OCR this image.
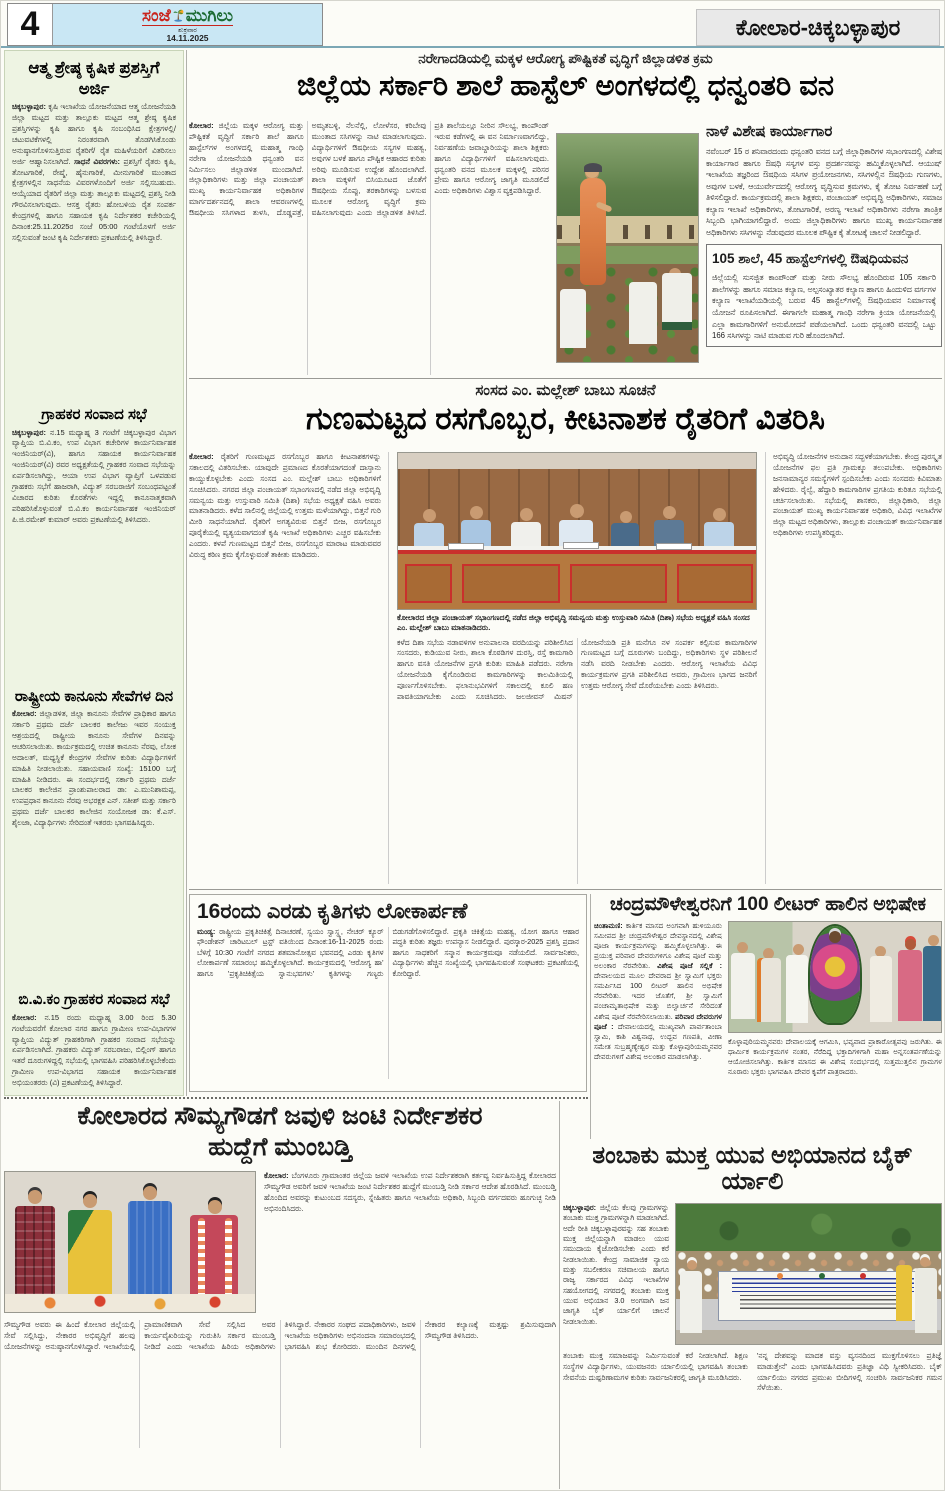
4	ಸಂಜೆ ಮುಗಿಲು
ಶುಕ್ರವಾರ
14.11.2025	ಕೋಲಾರ-ಚಿಕ್ಕಬಳ್ಳಾಪುರ
ಆತ್ಮ ಶ್ರೇಷ್ಠ ಕೃಷಿಕ ಪ್ರಶಸ್ತಿಗೆ ಅರ್ಜಿ
ಚಿಕ್ಕಬಳ್ಳಾಪುರ: ಕೃಷಿ ಇಲಾಖೆಯ ಯೋಜನೆಯಾದ ಆತ್ಮ ಯೋಜನೆಯಡಿ ಜಿಲ್ಲಾ ಮಟ್ಟದ ಮತ್ತು ತಾಲ್ಲೂಕು ಮಟ್ಟದ ಆತ್ಮ ಶ್ರೇಷ್ಠ ಕೃಷಿಕ ಪ್ರಶಸ್ತಿಗಳನ್ನು ಕೃಷಿ ಹಾಗೂ ಕೃಷಿ ಸಂಬಂಧಿಸಿದ ಕ್ಷೇತ್ರಗಳಲ್ಲಿ/ ಚಟುವಟಿಕೆಗಳಲ್ಲಿ ನಿರಂತರವಾಗಿ ತೊಡಗಿಸಿಕೊಂಡು ಅನುಷ್ಠಾನಗೊಳಿಸುತ್ತಿರುವ ರೈತರಿಗೆ/ ರೈತ ಮಹಿಳೆಯರಿಗೆ ವಿತರಿಸಲು ಅರ್ಜಿ ಆಹ್ವಾನಿಸಲಾಗಿದೆ. ಸಾಧನೆ ವಿವರಗಳು: ಪ್ರಶಸ್ತಿಗೆ ರೈತರು ಕೃಷಿ, ತೋಟಗಾರಿಕೆ, ರೇಷ್ಮೆ, ಹೈನುಗಾರಿಕೆ, ಮೀನುಗಾರಿಕೆ ಮುಂತಾದ ಕ್ಷೇತ್ರಗಳಲ್ಲಿನ ಸಾಧನೆಯ ವಿವರಗಳೊಂದಿಗೆ ಅರ್ಜಿ ಸಲ್ಲಿಸಬಹುದು. ಆಯ್ಕೆಯಾದ ರೈತರಿಗೆ ಜಿಲ್ಲಾ ಮತ್ತು ತಾಲ್ಲೂಕು ಮಟ್ಟದಲ್ಲಿ ಪ್ರಶಸ್ತಿ ನೀಡಿ ಗೌರವಿಸಲಾಗುವುದು. ಆಸಕ್ತ ರೈತರು ಹೋಬಳಿಯ ರೈತ ಸಂಪರ್ಕ ಕೇಂದ್ರಗಳಲ್ಲಿ ಹಾಗೂ ಸಹಾಯಕ ಕೃಷಿ ನಿರ್ದೇಶಕರ ಕಚೇರಿಯಲ್ಲಿ ದಿನಾಂಕ:25.11.2025ರ ಸಂಜೆ 05:00 ಗಂಟೆಯೊಳಗೆ ಅರ್ಜಿ ಸಲ್ಲಿಸುವಂತೆ ಜಂಟಿ ಕೃಷಿ ನಿರ್ದೇಶಕರು ಪ್ರಕಟಣೆಯಲ್ಲಿ ತಿಳಿಸಿದ್ದಾರೆ.
ಗ್ರಾಹಕರ ಸಂವಾದ ಸಭೆ
ಚಿಕ್ಕಬಳ್ಳಾಪುರ: ನ.15 ಮಧ್ಯಾಹ್ನ 3 ಗಂಟೆಗೆ ಚಿಕ್ಕಬಳ್ಳಾಪುರ ವಿಭಾಗ ವ್ಯಾಪ್ತಿಯ ಬಿ.ವಿ.ಕಂ, ಉಪ ವಿಭಾಗ ಕಚೇರಿಗಳ ಕಾರ್ಯನಿರ್ವಾಹಕ ಇಂಜಿನಿಯರ್(ವಿ), ಹಾಗೂ ಸಹಾಯಕ ಕಾರ್ಯನಿರ್ವಾಹಕ ಇಂಜಿನಿಯರ್(ವಿ) ರವರ ಅಧ್ಯಕ್ಷತೆಯಲ್ಲಿ ಗ್ರಾಹಕರ ಸಂವಾದ ಸಭೆಯನ್ನು ಏರ್ಪಡಿಸಲಾಗಿದ್ದು, ಆಯಾ ಉಪ ವಿಭಾಗ ವ್ಯಾಪ್ತಿಗೆ ಒಳಪಡುವ ಗ್ರಾಹಕರು ಸಭೆಗೆ ಹಾಜರಾಗಿ, ವಿದ್ಯುತ್ ಸರಬರಾಜಿಗೆ ಸಂಬಂಧಪಟ್ಟಂತೆ ವಿಚಾರದ ಕುರಿತು ಕೊರತೆಗಳು ಇದ್ದಲ್ಲಿ ಕಾನೂನಾತ್ಮಕವಾಗಿ ಪರಿಹರಿಸಿಕೊಳ್ಳುವಂತೆ ಬಿ.ವಿ.ಕಂ ಕಾರ್ಯನಿರ್ವಾಹಕ ಇಂಜಿನಿಯರ್ ಪಿ.ಜಿ.ರಮೇಶ್ ಕುಮಾರ್ ಅವರು ಪ್ರಕಟಣೆಯಲ್ಲಿ ತಿಳಿಸಿದರು.
ರಾಷ್ಟ್ರೀಯ ಕಾನೂನು ಸೇವೆಗಳ ದಿನ
ಕೋಲಾರ: ಜಿಲ್ಲಾಡಳಿತ, ಜಿಲ್ಲಾ ಕಾನೂನು ಸೇವೆಗಳ ಪ್ರಾಧಿಕಾರ ಹಾಗೂ ಸರ್ಕಾರಿ ಪ್ರಥಮ ದರ್ಜೆ ಬಾಲಕರ ಕಾಲೇಜು ಇವರ ಸಂಯುಕ್ತ ಆಶ್ರಯದಲ್ಲಿ ರಾಷ್ಟ್ರೀಯ ಕಾನೂನು ಸೇವೆಗಳ ದಿನವನ್ನು ಆಚರಿಸಲಾಯಿತು. ಕಾರ್ಯಕ್ರಮದಲ್ಲಿ ಉಚಿತ ಕಾನೂನು ನೆರವು, ಲೋಕ ಅದಾಲತ್, ಮಧ್ಯಸ್ಥಿಕೆ ಕೇಂದ್ರಗಳ ಸೇವೆಗಳ ಕುರಿತು ವಿದ್ಯಾರ್ಥಿಗಳಿಗೆ ಮಾಹಿತಿ ನೀಡಲಾಯಿತು. ಸಹಾಯವಾಣಿ ಸಂಖ್ಯೆ: 15100 ಬಗ್ಗೆ ಮಾಹಿತಿ ನೀಡಿದರು. ಈ ಸಂದರ್ಭದಲ್ಲಿ ಸರ್ಕಾರಿ ಪ್ರಥಮ ದರ್ಜೆ ಬಾಲಕರ ಕಾಲೇಜಿನ ಪ್ರಾಂಶುಪಾಲರಾದ ಡಾ: ಎ.ಮುನಿಶಾಮಪ್ಪ, ಉಪಪ್ರಧಾನ ಕಾನೂನು ನೆರವು ಅಭರಕ್ಷಕ ಎನ್. ಸತೀಶ್ ಮತ್ತು ಸರ್ಕಾರಿ ಪ್ರಥಮ ದರ್ಜೆ ಬಾಲಕರ ಕಾಲೇಜಿನ ಸಂಯೋಜಕ ಡಾ: ಕೆ.ಎಸ್. ಶೈಲಜಾ, ವಿದ್ಯಾರ್ಥಿಗಳು ಸೇರಿದಂತೆ ಇತರರು ಭಾಗವಹಿಸಿದ್ದರು.
ಬಿ.ವಿ.ಕಂ ಗ್ರಾಹಕರ ಸಂವಾದ ಸಭೆ
ಕೋಲಾರ: ನ.15 ರಂದು ಮಧ್ಯಾಹ್ನ 3.00 ರಿಂದ 5.30 ಗಂಟೆಯವರೆಗೆ ಕೋಲಾರ ನಗರ ಹಾಗೂ ಗ್ರಾಮೀಣ ಉಪ-ವಿಭಾಗಗಳ ವ್ಯಾಪ್ತಿಯ ವಿದ್ಯುತ್ ಗ್ರಾಹಕರಿಗಾಗಿ ಗ್ರಾಹಕರ ಸಂವಾದ ಸಭೆಯನ್ನು ಏರ್ಪಡಿಸಲಾಗಿದೆ. ಗ್ರಾಹಕರು ವಿದ್ಯುತ್ ಸರಬರಾಜು, ಬಿಲ್ಲಿಂಗ್ ಹಾಗೂ ಇತರೆ ದೂರುಗಳಿದ್ದಲ್ಲಿ ಸಭೆಯಲ್ಲಿ ಭಾಗವಹಿಸಿ ಪರಿಹರಿಸಿಕೊಳ್ಳಬೇಕೆಂದು ಗ್ರಾಮೀಣ ಉಪ-ವಿಭಾಗದ ಸಹಾಯಕ ಕಾರ್ಯನಿರ್ವಾಹಕ ಅಭಿಯಂತರರು (ವಿ) ಪ್ರಕಟಣೆಯಲ್ಲಿ ತಿಳಿಸಿದ್ದಾರೆ.
ನರೇಗಾದಡಿಯಲ್ಲಿ ಮಕ್ಕಳ ಆರೋಗ್ಯ ಪೌಷ್ಟಿಕತೆ ವೃದ್ಧಿಗೆ ಜಿಲ್ಲಾಡಳಿತ ಕ್ರಮ
ಜಿಲ್ಲೆಯ ಸರ್ಕಾರಿ ಶಾಲೆ ಹಾಸ್ಟೆಲ್ ಅಂಗಳದಲ್ಲಿ ಧನ್ವಂತರಿ ವನ
ಕೋಲಾರ: ಜಿಲ್ಲೆಯ ಮಕ್ಕಳ ಆರೋಗ್ಯ ಮತ್ತು ಪೌಷ್ಟಿಕತೆ ವೃದ್ಧಿಗೆ ಸರ್ಕಾರಿ ಶಾಲೆ ಹಾಗೂ ಹಾಸ್ಟೆಲ್‌ಗಳ ಅಂಗಳದಲ್ಲಿ ಮಹಾತ್ಮ ಗಾಂಧಿ ನರೇಗಾ ಯೋಜನೆಯಡಿ ಧನ್ವಂತರಿ ವನ ನಿರ್ಮಿಸಲು ಜಿಲ್ಲಾಡಳಿತ ಮುಂದಾಗಿದೆ. ಜಿಲ್ಲಾಧಿಕಾರಿಗಳು ಮತ್ತು ಜಿಲ್ಲಾ ಪಂಚಾಯತ್ ಮುಖ್ಯ ಕಾರ್ಯನಿರ್ವಾಹಕ ಅಧಿಕಾರಿಗಳ ಮಾರ್ಗದರ್ಶನದಲ್ಲಿ ಶಾಲಾ ಆವರಣಗಳಲ್ಲಿ ಔಷಧೀಯ ಸಸಿಗಳಾದ ತುಳಸಿ, ದೊಡ್ಡಪತ್ರೆ, ಅಮೃತಬಳ್ಳಿ, ನೆಲನೆಲ್ಲಿ, ಲೋಳೆಸರ, ಕರಿಬೇವು ಮುಂತಾದ ಸಸಿಗಳನ್ನು ನಾಟಿ ಮಾಡಲಾಗುವುದು. ವಿದ್ಯಾರ್ಥಿಗಳಿಗೆ ಔಷಧೀಯ ಸಸ್ಯಗಳ ಮಹತ್ವ, ಅವುಗಳ ಬಳಕೆ ಹಾಗೂ ಪೌಷ್ಟಿಕ ಆಹಾರದ ಕುರಿತು ಅರಿವು ಮೂಡಿಸುವ ಉದ್ದೇಶ ಹೊಂದಲಾಗಿದೆ. ಶಾಲಾ ಮಕ್ಕಳಿಗೆ ಬಿಸಿಯೂಟದ ಜೊತೆಗೆ ಔಷಧೀಯ ಸೊಪ್ಪು, ತರಕಾರಿಗಳನ್ನು ಬಳಸುವ ಮೂಲಕ ಆರೋಗ್ಯ ವೃದ್ಧಿಗೆ ಕ್ರಮ ವಹಿಸಲಾಗುವುದು ಎಂದು ಜಿಲ್ಲಾಡಳಿತ ತಿಳಿಸಿದೆ. ಪ್ರತಿ ಶಾಲೆಯಲ್ಲೂ ನೀರಿನ ಸೌಲಭ್ಯ, ಕಾಂಪೌಂಡ್ ಇರುವ ಕಡೆಗಳಲ್ಲಿ ಈ ವನ ನಿರ್ಮಾಣವಾಗಲಿದ್ದು, ನಿರ್ವಹಣೆಯ ಜವಾಬ್ದಾರಿಯನ್ನು ಶಾಲಾ ಶಿಕ್ಷಕರು ಹಾಗೂ ವಿದ್ಯಾರ್ಥಿಗಳಿಗೆ ವಹಿಸಲಾಗುವುದು. ಧನ್ವಂತರಿ ವನದ ಮೂಲಕ ಮಕ್ಕಳಲ್ಲಿ ಪರಿಸರ ಪ್ರೇಮ ಹಾಗೂ ಆರೋಗ್ಯ ಜಾಗೃತಿ ಮೂಡಲಿದೆ ಎಂದು ಅಧಿಕಾರಿಗಳು ವಿಶ್ವಾಸ ವ್ಯಕ್ತಪಡಿಸಿದ್ದಾರೆ.
ನಾಳೆ ವಿಶೇಷ ಕಾರ್ಯಾಗಾರ
ನವೆಂಬರ್ 15 ರ ಶನಿವಾರದಂದು ಧನ್ವಂತರಿ ವನದ ಬಗ್ಗೆ ಜಿಲ್ಲಾಧಿಕಾರಿಗಳ ಸಭಾಂಗಣದಲ್ಲಿ ವಿಶೇಷ ಕಾರ್ಯಾಗಾರ ಹಾಗೂ ಔಷಧಿ ಸಸ್ಯಗಳ ವಸ್ತು ಪ್ರದರ್ಶನವನ್ನು ಹಮ್ಮಿಕೊಳ್ಳಲಾಗಿದೆ. ಆಯುಷ್ ಇಲಾಖೆಯ ತಜ್ಞರಿಂದ ಔಷಧಿಯ ಸಸಿಗಳ ಪ್ರಯೋಜನಗಳು, ಸಸಿಗಳಲ್ಲಿನ ಔಷಧಿಯ ಗುಣಗಳು, ಅವುಗಳ ಬಳಕೆ, ಆಯುರ್ವೇದದಲ್ಲಿ ಆರೋಗ್ಯ ವೃದ್ಧಿಸುವ ಕ್ರಮಗಳು, ಕೈ ತೋಟ ನಿರ್ವಹಣೆ ಬಗ್ಗೆ ತಿಳಿಸಲಿದ್ದಾರೆ. ಕಾರ್ಯಕ್ರಮದಲ್ಲಿ ಶಾಲಾ ಶಿಕ್ಷಕರು, ಪಂಚಾಯತ್ ಅಭಿವೃದ್ಧಿ ಅಧಿಕಾರಿಗಳು, ಸಮಾಜ ಕಲ್ಯಾಣ ಇಲಾಖೆ ಅಧಿಕಾರಿಗಳು, ತೋಟಗಾರಿಕೆ, ಅರಣ್ಯ ಇಲಾಖೆ ಅಧಿಕಾರಿಗಳು ನರೇಗಾ ತಾಂತ್ರಿಕ ಸಿಬ್ಬಂದಿ ಭಾಗಿಯಾಗಲಿದ್ದಾರೆ. ಅಂದು ಜಿಲ್ಲಾಧಿಕಾರಿಗಳು ಹಾಗೂ ಮುಖ್ಯ ಕಾರ್ಯನಿರ್ವಾಹಕ ಅಧಿಕಾರಿಗಳು ಸಸಿಗಳನ್ನು ನೆಡುವುದರ ಮೂಲಕ ಪೌಷ್ಟಿಕ ಕೈ ತೋಟಕ್ಕೆ ಚಾಲನೆ ನೀಡಲಿದ್ದಾರೆ.
105 ಶಾಲೆ, 45 ಹಾಸ್ಟೆಲ್‌ಗಳಲ್ಲಿ ಔಷಧಿಯವನ
ಜಿಲ್ಲೆಯಲ್ಲಿ ಸುಸಜ್ಜಿತ ಕಾಂಪೌಂಡ್ ಮತ್ತು ನೀರು ಸೌಲಭ್ಯ ಹೊಂದಿರುವ 105 ಸರ್ಕಾರಿ ಶಾಲೆಗಳನ್ನು ಹಾಗೂ ಸಮಾಜ ಕಲ್ಯಾಣ, ಅಲ್ಪಸಂಖ್ಯಾತರ ಕಲ್ಯಾಣ ಹಾಗೂ ಹಿಂದುಳಿದ ವರ್ಗಗಳ ಕಲ್ಯಾಣ ಇಲಾಖೆಯಡಿಯಲ್ಲಿ ಬರುವ 45 ಹಾಸ್ಟೆಲ್‌ಗಳಲ್ಲಿ ಔಷಧಿಯವನ ನಿರ್ಮಾಣಕ್ಕೆ ಯೋಜನೆ ರೂಪಿಸಲಾಗಿದೆ. ಈಗಾಗಲೇ ಮಹಾತ್ಮ ಗಾಂಧಿ ನರೇಗಾ ಕ್ರಿಯಾ ಯೋಜನೆಯಲ್ಲಿ ಎಲ್ಲಾ ಕಾಮಗಾರಿಗಳಿಗೆ ಅನುಮೋದನೆ ಪಡೆಯಲಾಗಿದೆ. ಒಂದು ಧನ್ವಂತರಿ ವನದಲ್ಲಿ ಒಟ್ಟು 166 ಸಸಿಗಳನ್ನು ನಾಟಿ ಮಾಡುವ ಗುರಿ ಹೊಂದಲಾಗಿದೆ.
ಸಂಸದ ಎಂ. ಮಲ್ಲೇಶ್ ಬಾಬು ಸೂಚನೆ
ಗುಣಮಟ್ಟದ ರಸಗೊಬ್ಬರ, ಕೀಟನಾಶಕ ರೈತರಿಗೆ ವಿತರಿಸಿ
ಕೋಲಾರ: ರೈತರಿಗೆ ಗುಣಮಟ್ಟದ ರಸಗೊಬ್ಬರ ಹಾಗೂ ಕೀಟನಾಶಕಗಳನ್ನು ಸಕಾಲದಲ್ಲಿ ವಿತರಿಸಬೇಕು. ಯಾವುದೇ ಪ್ರಮಾಣದ ಕೊರತೆಯಾಗದಂತೆ ದಾಸ್ತಾನು ಕಾಯ್ದುಕೊಳ್ಳಬೇಕು ಎಂದು ಸಂಸದ ಎಂ. ಮಲ್ಲೇಶ್ ಬಾಬು ಅಧಿಕಾರಿಗಳಿಗೆ ಸೂಚಿಸಿದರು. ನಗರದ ಜಿಲ್ಲಾ ಪಂಚಾಯತ್ ಸಭಾಂಗಣದಲ್ಲಿ ನಡೆದ ಜಿಲ್ಲಾ ಅಭಿವೃದ್ಧಿ ಸಮನ್ವಯ ಮತ್ತು ಉಸ್ತುವಾರಿ ಸಮಿತಿ (ದಿಶಾ) ಸಭೆಯ ಅಧ್ಯಕ್ಷತೆ ವಹಿಸಿ ಅವರು ಮಾತನಾಡಿದರು. ಕಳೆದ ಸಾಲಿನಲ್ಲಿ ಜಿಲ್ಲೆಯಲ್ಲಿ ಉತ್ತಮ ಮಳೆಯಾಗಿದ್ದು, ಬಿತ್ತನೆ ಗುರಿ ಮೀರಿ ಸಾಧನೆಯಾಗಿದೆ. ರೈತರಿಗೆ ಅಗತ್ಯವಿರುವ ಬಿತ್ತನೆ ಬೀಜ, ರಸಗೊಬ್ಬರ ಪೂರೈಕೆಯಲ್ಲಿ ವ್ಯತ್ಯಯವಾಗದಂತೆ ಕೃಷಿ ಇಲಾಖೆ ಅಧಿಕಾರಿಗಳು ಎಚ್ಚರ ವಹಿಸಬೇಕು ಎಂದರು. ಕಳಪೆ ಗುಣಮಟ್ಟದ ಬಿತ್ತನೆ ಬೀಜ, ರಸಗೊಬ್ಬರ ಮಾರಾಟ ಮಾಡುವವರ ವಿರುದ್ಧ ಕಠಿಣ ಕ್ರಮ ಕೈಗೊಳ್ಳುವಂತೆ ತಾಕೀತು ಮಾಡಿದರು.
ಕೋಲಾರದ ಜಿಲ್ಲಾ ಪಂಚಾಯತ್ ಸಭಾಂಗಣದಲ್ಲಿ ನಡೆದ ಜಿಲ್ಲಾ ಅಭಿವೃದ್ಧಿ ಸಮನ್ವಯ ಮತ್ತು ಉಸ್ತುವಾರಿ ಸಮಿತಿ (ದಿಶಾ) ಸಭೆಯ ಅಧ್ಯಕ್ಷತೆ ವಹಿಸಿ ಸಂಸದ ಎಂ. ಮಲ್ಲೇಶ್ ಬಾಬು ಮಾತನಾಡಿದರು.
ಕಳೆದ ದಿಶಾ ಸಭೆಯ ನಡಾವಳಿಗಳ ಅನುಪಾಲನಾ ವರದಿಯನ್ನು ಪರಿಶೀಲಿಸಿದ ಸಂಸದರು, ಕುಡಿಯುವ ನೀರು, ಶಾಲಾ ಕೊಠಡಿಗಳ ದುರಸ್ತಿ, ರಸ್ತೆ ಕಾಮಗಾರಿ ಹಾಗೂ ವಸತಿ ಯೋಜನೆಗಳ ಪ್ರಗತಿ ಕುರಿತು ಮಾಹಿತಿ ಪಡೆದರು. ನರೇಗಾ ಯೋಜನೆಯಡಿ ಕೈಗೊಂಡಿರುವ ಕಾಮಗಾರಿಗಳನ್ನು ಕಾಲಮಿತಿಯಲ್ಲಿ ಪೂರ್ಣಗೊಳಿಸಬೇಕು. ಫಲಾನುಭವಿಗಳಿಗೆ ಸಕಾಲದಲ್ಲಿ ಕೂಲಿ ಹಣ ಪಾವತಿಯಾಗಬೇಕು ಎಂದು ಸೂಚಿಸಿದರು. ಜಲಜೀವನ್ ಮಿಷನ್ ಯೋಜನೆಯಡಿ ಪ್ರತಿ ಮನೆಗೂ ನಳ ಸಂಪರ್ಕ ಕಲ್ಪಿಸುವ ಕಾಮಗಾರಿಗಳ ಗುಣಮಟ್ಟದ ಬಗ್ಗೆ ದೂರುಗಳು ಬಂದಿದ್ದು, ಅಧಿಕಾರಿಗಳು ಸ್ಥಳ ಪರಿಶೀಲನೆ ನಡೆಸಿ ವರದಿ ನೀಡಬೇಕು ಎಂದರು. ಆರೋಗ್ಯ ಇಲಾಖೆಯ ವಿವಿಧ ಕಾರ್ಯಕ್ರಮಗಳ ಪ್ರಗತಿ ಪರಿಶೀಲಿಸಿದ ಅವರು, ಗ್ರಾಮೀಣ ಭಾಗದ ಜನರಿಗೆ ಉತ್ತಮ ಆರೋಗ್ಯ ಸೇವೆ ದೊರೆಯಬೇಕು ಎಂದು ತಿಳಿಸಿದರು.
ಅಭಿವೃದ್ಧಿ ಯೋಜನೆಗಳ ಅನುದಾನ ಸದ್ಬಳಕೆಯಾಗಬೇಕು. ಕೇಂದ್ರ ಪುರಸ್ಕೃತ ಯೋಜನೆಗಳ ಫಲ ಪ್ರತಿ ಗ್ರಾಮಕ್ಕೂ ತಲುಪಬೇಕು. ಅಧಿಕಾರಿಗಳು ಜನಸಾಮಾನ್ಯರ ಸಮಸ್ಯೆಗಳಿಗೆ ಸ್ಪಂದಿಸಬೇಕು ಎಂದು ಸಂಸದರು ಕಿವಿಮಾತು ಹೇಳಿದರು. ರೈಲ್ವೆ, ಹೆದ್ದಾರಿ ಕಾಮಗಾರಿಗಳ ಪ್ರಗತಿಯ ಕುರಿತೂ ಸಭೆಯಲ್ಲಿ ಚರ್ಚಿಸಲಾಯಿತು. ಸಭೆಯಲ್ಲಿ ಶಾಸಕರು, ಜಿಲ್ಲಾಧಿಕಾರಿ, ಜಿಲ್ಲಾ ಪಂಚಾಯತ್ ಮುಖ್ಯ ಕಾರ್ಯನಿರ್ವಾಹಕ ಅಧಿಕಾರಿ, ವಿವಿಧ ಇಲಾಖೆಗಳ ಜಿಲ್ಲಾ ಮಟ್ಟದ ಅಧಿಕಾರಿಗಳು, ತಾಲ್ಲೂಕು ಪಂಚಾಯತ್ ಕಾರ್ಯನಿರ್ವಾಹಕ ಅಧಿಕಾರಿಗಳು ಉಪಸ್ಥಿತರಿದ್ದರು.
16ರಂದು ಎರಡು ಕೃತಿಗಳು ಲೋಕಾರ್ಪಣೆ
ಮಂಡ್ಯ: ರಾಷ್ಟ್ರೀಯ ಪ್ರಕೃತಿಚಿಕಿತ್ಸೆ ದಿನಾಚರಣೆ, ಸ್ವಯಂ ಸ್ವಾಸ್ಥ್ಯ, ನೇಚರ್ ಕ್ಯೂರ್ ಫೌಂಡೇಶನ್ ಚಾರಿಟಬಲ್ ಟ್ರಸ್ಟ್ ವತಿಯಿಂದ ದಿನಾಂಕ:16-11-2025 ರಂದು ಬೆಳಿಗ್ಗೆ 10:30 ಗಂಟೆಗೆ ನಗರದ ಶತಮಾನೋತ್ಸವ ಭವನದಲ್ಲಿ ಎರಡು ಕೃತಿಗಳ ಲೋಕಾರ್ಪಣೆ ಸಮಾರಂಭ ಹಮ್ಮಿಕೊಳ್ಳಲಾಗಿದೆ. ಕಾರ್ಯಕ್ರಮದಲ್ಲಿ 'ಆರೋಗ್ಯ ಹಾ' ಹಾಗೂ 'ಪ್ರಕೃತಿಚಿಕಿತ್ಸೆಯ ಸ್ವಾನುಭವಗಳು' ಕೃತಿಗಳನ್ನು ಗಣ್ಯರು ಬಿಡುಗಡೆಗೊಳಿಸಲಿದ್ದಾರೆ. ಪ್ರಕೃತಿ ಚಿಕಿತ್ಸೆಯ ಮಹತ್ವ, ಯೋಗ ಹಾಗೂ ಆಹಾರ ಪದ್ಧತಿ ಕುರಿತು ತಜ್ಞರು ಉಪನ್ಯಾಸ ನೀಡಲಿದ್ದಾರೆ. ಪುರಸ್ಕಾರ-2025 ಪ್ರಶಸ್ತಿ ಪ್ರದಾನ ಹಾಗೂ ಸಾಧಕರಿಗೆ ಸನ್ಮಾನ ಕಾರ್ಯಕ್ರಮವೂ ನಡೆಯಲಿದೆ. ಸಾರ್ವಜನಿಕರು, ವಿದ್ಯಾರ್ಥಿಗಳು ಹೆಚ್ಚಿನ ಸಂಖ್ಯೆಯಲ್ಲಿ ಭಾಗವಹಿಸುವಂತೆ ಸಂಘಟಕರು ಪ್ರಕಟಣೆಯಲ್ಲಿ ಕೋರಿದ್ದಾರೆ.
ಚಂದ್ರಮೌಳೇಶ್ವರನಿಗೆ 100 ಲೀಟರ್ ಹಾಲಿನ ಅಭಿಷೇಕ
ಚಿಂತಾಮಣಿ: ಕಾರ್ತಿಕ ಮಾಸದ ಅಂಗವಾಗಿ ಹುಳಿಯೂರು ಸಮೀಪದ ಶ್ರೀ ಚಂದ್ರಮೌಳೇಶ್ವರ ದೇವಸ್ಥಾನದಲ್ಲಿ ವಿಶೇಷ ಪೂಜಾ ಕಾರ್ಯಕ್ರಮಗಳನ್ನು ಹಮ್ಮಿಕೊಳ್ಳಲಾಗಿತ್ತು. ಈ ಪ್ರಯುಕ್ತ ಪರಿವಾರ ದೇವರುಗಳಿಗೂ ವಿಶೇಷ ಪೂಜೆ ಮತ್ತು ಅಲಂಕಾರ ನೆರವೇರಿತು. ವಿಶೇಷ ಪೂಜೆ ಸಲ್ಲಿಕೆ : ದೇವಾಲಯದ ಮೂಲ ದೇವರಾದ ಶ್ರೀ ಸ್ವಾಮಿಗೆ ಭಕ್ತರು ಸಮರ್ಪಿಸಿದ 100 ಲೀಟರ್ ಹಾಲಿನ ಅಭಿಷೇಕ ನೆರವೇರಿತು. ಇದರ ಜೊತೆಗೆ, ಶ್ರೀ ಸ್ವಾಮಿಗೆ ಪಂಚಾಮೃತಾಭಿಷೇಕ ಮತ್ತು ಬಿಲ್ವಾರ್ಚನೆ ಸೇರಿದಂತೆ ವಿಶೇಷ ಪೂಜೆ ನೆರವೇರಿಸಲಾಯಿತು. ಪರಿವಾರ ದೇವರುಗಳ ಪೂಜೆ : ದೇವಾಲಯದಲ್ಲಿ ಮುಖ್ಯವಾಗಿ ಪಾರ್ವತಾಂಬಾ ಸ್ವಾಮಿ, ಕಾಶಿ ವಿಶ್ವನಾಥ, ಉದ್ಭವ ಗಣಪತಿ, ವೀಣಾ ಸಮೇತ ಸುಬ್ರಹ್ಮಣ್ಯೇಶ್ವರ ಮತ್ತು ಕೊಳ್ಳಾಪುರಿಯಮ್ಮನವರ ದೇವರುಗಳಿಗೆ ವಿಶೇಷ ಅಲಂಕಾರ ಮಾಡಲಾಗಿತ್ತು.
ಕೊಳ್ಳಾಪುರಿಯಮ್ಮನವರು ದೇವಾಲಯಕ್ಕೆ ಆಗಮಿಸಿ, ಭವ್ಯವಾದ ಪ್ರಾಕಾರೋತ್ಸವವು ಜರುಗಿತು. ಈ ಧಾರ್ಮಿಕ ಕಾರ್ಯಕ್ರಮಗಳ ನಂತರ, ನೆರೆದಿದ್ದ ಭಕ್ತಾದಿಗಳಿಗಾಗಿ ಮಹಾ ಅನ್ನಸಂತರ್ಪಣೆಯನ್ನು ಆಯೋಜಿಸಲಾಗಿತ್ತು. ಕಾರ್ತಿಕ ಮಾಸದ ಈ ವಿಶೇಷ ಸಂದರ್ಭದಲ್ಲಿ ಸುತ್ತಮುತ್ತಲಿನ ಗ್ರಾಮಗಳ ನೂರಾರು ಭಕ್ತರು ಭಾಗವಹಿಸಿ ದೇವರ ಕೃಪೆಗೆ ಪಾತ್ರರಾದರು.
ಕೋಲಾರದ ಸೌಮ್ಯಗೌಡಗೆ ಜವುಳಿ ಜಂಟಿ ನಿರ್ದೇಶಕರ ಹುದ್ದೆಗೆ ಮುಂಬಡ್ತಿ
ಕೋಲಾರ: ಬೆಂಗಳೂರು ಗ್ರಾಮಾಂತರ ಜಿಲ್ಲೆಯ ಜವಳಿ ಇಲಾಖೆಯ ಉಪ ನಿರ್ದೇಶಕರಾಗಿ ಕರ್ತವ್ಯ ನಿರ್ವಹಿಸುತ್ತಿದ್ದ ಕೋಲಾರದ ಸೌಮ್ಯಗೌಡ ಅವರಿಗೆ ಜವಳಿ ಇಲಾಖೆಯ ಜಂಟಿ ನಿರ್ದೇಶಕರ ಹುದ್ದೆಗೆ ಮುಂಬಡ್ತಿ ನೀಡಿ ಸರ್ಕಾರ ಆದೇಶ ಹೊರಡಿಸಿದೆ. ಮುಂಬಡ್ತಿ ಹೊಂದಿದ ಅವರನ್ನು ಕುಟುಂಬದ ಸದಸ್ಯರು, ಸ್ನೇಹಿತರು ಹಾಗೂ ಇಲಾಖೆಯ ಅಧಿಕಾರಿ, ಸಿಬ್ಬಂದಿ ವರ್ಗದವರು ಹೂಗುಚ್ಛ ನೀಡಿ ಅಭಿನಂದಿಸಿದರು.
ಸೌಮ್ಯಗೌಡ ಅವರು ಈ ಹಿಂದೆ ಕೋಲಾರ ಜಿಲ್ಲೆಯಲ್ಲಿ ಸೇವೆ ಸಲ್ಲಿಸಿದ್ದು, ನೇಕಾರರ ಅಭಿವೃದ್ಧಿಗೆ ಹಲವು ಯೋಜನೆಗಳನ್ನು ಅನುಷ್ಠಾನಗೊಳಿಸಿದ್ದಾರೆ. ಇಲಾಖೆಯಲ್ಲಿ ಪ್ರಾಮಾಣಿಕವಾಗಿ ಸೇವೆ ಸಲ್ಲಿಸಿದ ಅವರ ಕಾರ್ಯವೈಖರಿಯನ್ನು ಗುರುತಿಸಿ ಸರ್ಕಾರ ಮುಂಬಡ್ತಿ ನೀಡಿದೆ ಎಂದು ಇಲಾಖೆಯ ಹಿರಿಯ ಅಧಿಕಾರಿಗಳು ತಿಳಿಸಿದ್ದಾರೆ. ನೇಕಾರರ ಸಂಘದ ಪದಾಧಿಕಾರಿಗಳು, ಜವಳಿ ಇಲಾಖೆಯ ಅಧಿಕಾರಿಗಳು ಅಭಿನಂದನಾ ಸಮಾರಂಭದಲ್ಲಿ ಭಾಗವಹಿಸಿ ಶುಭ ಕೋರಿದರು. ಮುಂದಿನ ದಿನಗಳಲ್ಲಿ ನೇಕಾರರ ಕಲ್ಯಾಣಕ್ಕೆ ಮತ್ತಷ್ಟು ಶ್ರಮಿಸುವುದಾಗಿ ಸೌಮ್ಯಗೌಡ ತಿಳಿಸಿದರು.
ತಂಬಾಕು ಮುಕ್ತ ಯುವ ಅಭಿಯಾನದ ಬೈಕ್ ರ್ಯಾಲಿ
ಚಿಕ್ಕಬಳ್ಳಾಪುರ: ಜಿಲ್ಲೆಯ ಕೆಲವು ಗ್ರಾಮಗಳನ್ನು ತಂಬಾಕು ಮುಕ್ತ ಗ್ರಾಮಗಳನ್ನಾಗಿ ಮಾಡಲಾಗಿದೆ. ಅದೇ ರೀತಿ ಚಿಕ್ಕಬಳ್ಳಾಪುರವನ್ನು ಸಹ ತಂಬಾಕು ಮುಕ್ತ ಜಿಲ್ಲೆಯನ್ನಾಗಿ ಮಾಡಲು ಯುವ ಸಮುದಾಯ ಕೈಜೋಡಿಸಬೇಕು ಎಂದು ಕರೆ ನೀಡಲಾಯಿತು. ಕೇಂದ್ರ ಸಾಮಾಜಿಕ ನ್ಯಾಯ ಮತ್ತು ಸಬಲೀಕರಣ ಸಚಿವಾಲಯ ಹಾಗೂ ರಾಜ್ಯ ಸರ್ಕಾರದ ವಿವಿಧ ಇಲಾಖೆಗಳ ಸಹಯೋಗದಲ್ಲಿ ನಗರದಲ್ಲಿ ತಂಬಾಕು ಮುಕ್ತ ಯುವ ಅಭಿಯಾನ 3.0 ಅಂಗವಾಗಿ ಜನ ಜಾಗೃತಿ ಬೈಕ್ ರ್ಯಾಲಿಗೆ ಚಾಲನೆ ನೀಡಲಾಯಿತು.
ತಂಬಾಕು ಮುಕ್ತ ಸಮಾಜವನ್ನು ನಿರ್ಮಿಸುವಂತೆ ಕರೆ ನೀಡಲಾಗಿದೆ. ಶಿಕ್ಷಣ ಸಂಸ್ಥೆಗಳ ವಿದ್ಯಾರ್ಥಿಗಳು, ಯುವಜನರು ರ್ಯಾಲಿಯಲ್ಲಿ ಭಾಗವಹಿಸಿ ತಂಬಾಕು ಸೇವನೆಯ ದುಷ್ಪರಿಣಾಮಗಳ ಕುರಿತು ಸಾರ್ವಜನಿಕರಲ್ಲಿ ಜಾಗೃತಿ ಮೂಡಿಸಿದರು.
'ನನ್ನ ದೇಶವನ್ನು ಮಾದಕ ವಸ್ತು ವ್ಯಸನದಿಂದ ಮುಕ್ತಗೊಳಿಸಲು ಪ್ರತಿಜ್ಞೆ ಮಾಡುತ್ತೇನೆ' ಎಂದು ಭಾಗವಹಿಸಿದವರು ಪ್ರತಿಜ್ಞಾ ವಿಧಿ ಸ್ವೀಕರಿಸಿದರು. ಬೈಕ್ ರ್ಯಾಲಿಯು ನಗರದ ಪ್ರಮುಖ ಬೀದಿಗಳಲ್ಲಿ ಸಂಚರಿಸಿ ಸಾರ್ವಜನಿಕರ ಗಮನ ಸೆಳೆಯಿತು.
